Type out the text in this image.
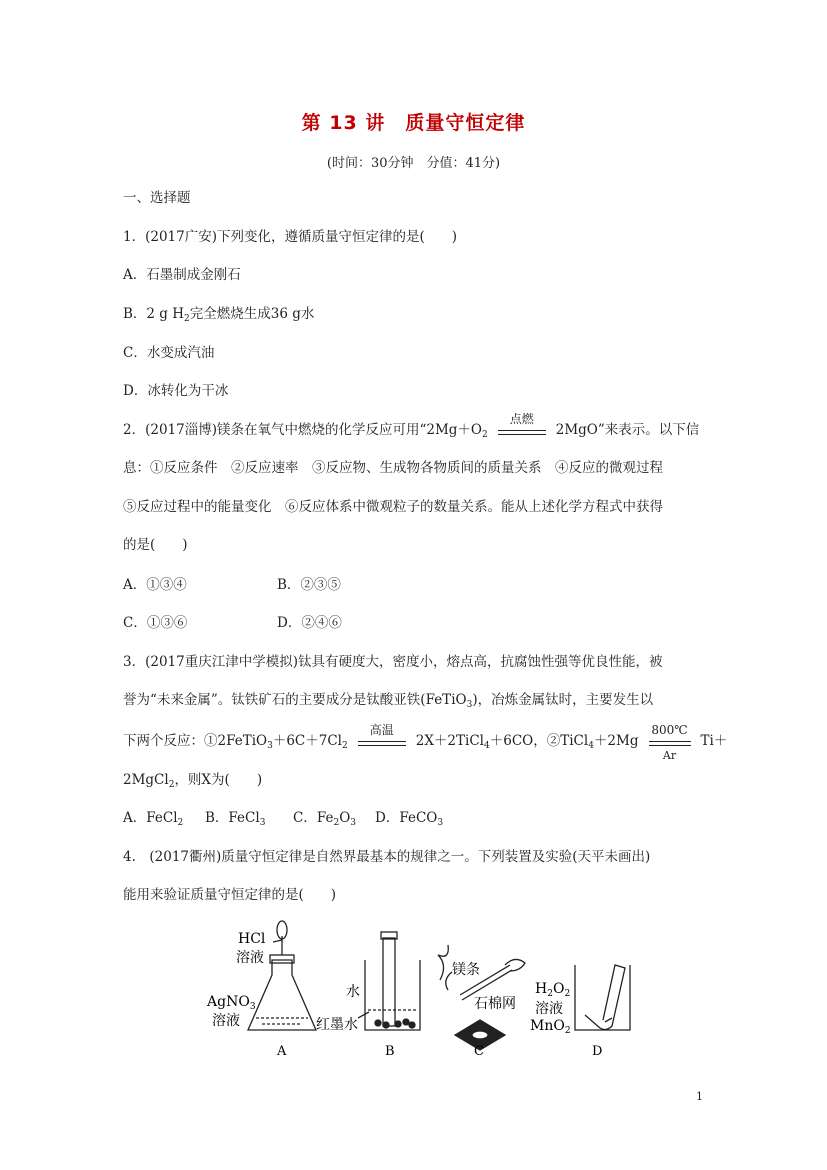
第 13 讲　质量守恒定律
(时间：30分钟　分值：41分)
一、选择题
1．(2017广安)下列变化，遵循质量守恒定律的是(　　)
A．石墨制成金刚石
B．2 g $H_2$完全燃烧生成36 g水
C．水变成汽油
D．冰转化为干冰
2．(2017淄博)镁条在氧气中燃烧的化学反应可用“$2Mg+O_2$
点燃
2MgO”来表示。以下信
息：①反应条件　②反应速率　③反应物、生成物各物质间的质量关系　④反应的微观过程
⑤反应过程中的能量变化　⑥反应体系中微观粒子的数量关系。能从上述化学方程式中获得
的是(　　)
A．①③④	B．②③⑤
C．①③⑥	D．②④⑥
3．(2017重庆江津中学模拟)钛具有硬度大，密度小，熔点高，抗腐蚀性强等优良性能，被
誉为“未来金属”。钛铁矿石的主要成分是钛酸亚铁(FeTiO$_3$)，冶炼金属钛时，主要发生以
下两个反应：$①2FeTiO_3+6C+7Cl_2$
高温
2X＋2TiCl$_4$＋6CO，②TiCl$_4$＋2Mg
800℃
Ar
Ti＋
2MgCl$_2$，则X为(　　)
A．FeCl$_2$ B．FeCl$_3$ C．$Fe_2O_3$ D．FeCO$_3$
4.　(2017衢州)质量守恒定律是自然界最基本的规律之一。下列装置及实验(天平未画出)
能用来验证质量守恒定律的是(　　)
HCl
溶液
AgNO$_3$
溶液
水
红墨水
镁条
石棉网
$H_2O_2$
溶液
MnO$_2$
A	B	C	D
1
